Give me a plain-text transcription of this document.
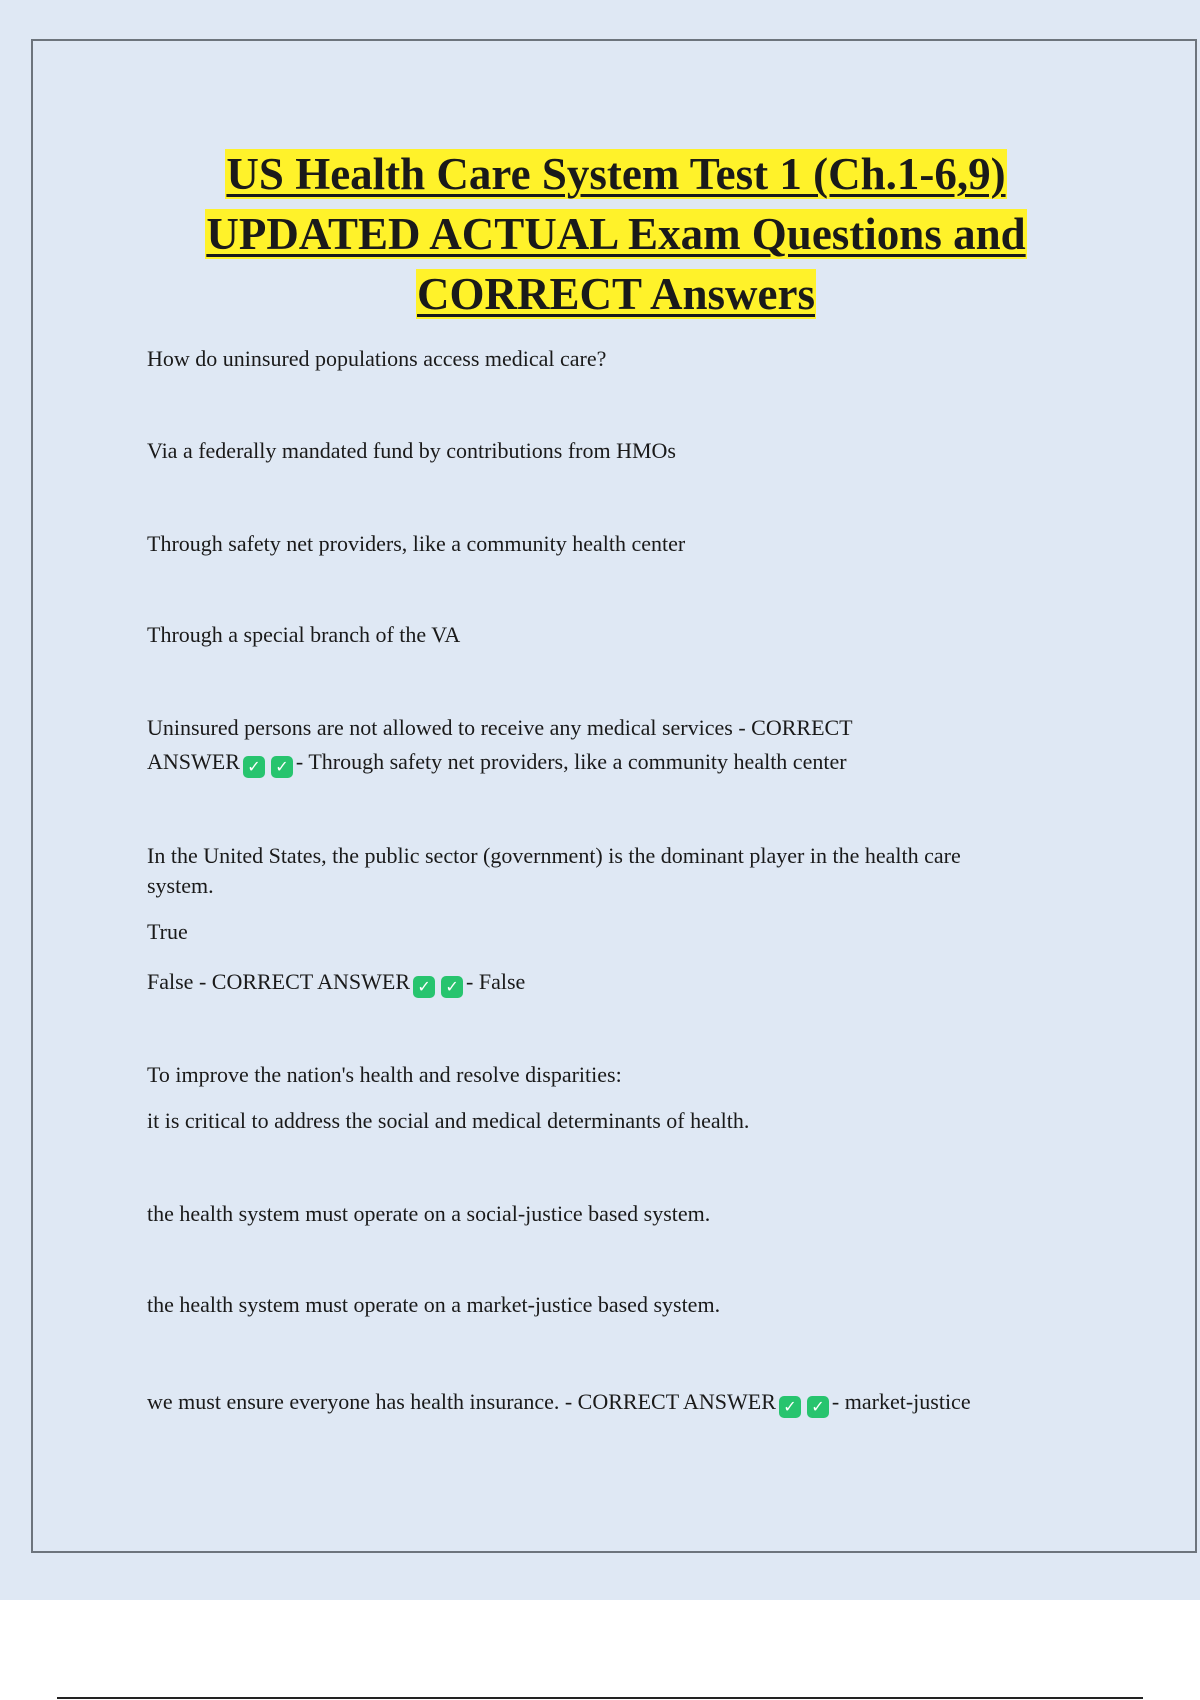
US Health Care System Test 1 (Ch.1-6,9)
UPDATED ACTUAL Exam Questions and
CORRECT Answers
How do uninsured populations access medical care?
Via a federally mandated fund by contributions from HMOs
Through safety net providers, like a community health center
Through a special branch of the VA
Uninsured persons are not allowed to receive any medical services - CORRECT
ANSWER ✓ ✓ - Through safety net providers, like a community health center
In the United States, the public sector (government) is the dominant player in the health care
system.
True
False - CORRECT ANSWER ✓ ✓ - False
To improve the nation's health and resolve disparities:
it is critical to address the social and medical determinants of health.
the health system must operate on a social-justice based system.
the health system must operate on a market-justice based system.
we must ensure everyone has health insurance. - CORRECT ANSWER ✓ ✓ - market-justice
